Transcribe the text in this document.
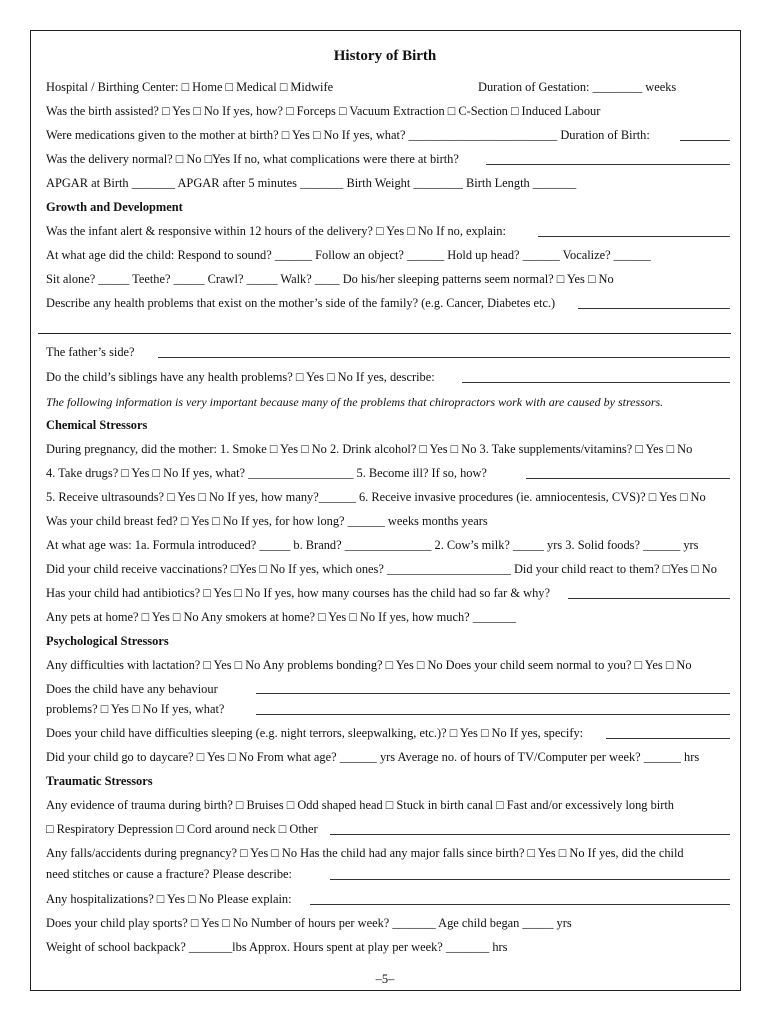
History of Birth
Hospital / Birthing Center: □ Home □ Medical □ Midwife	Duration of Gestation: ________ weeks
Was the birth assisted? □ Yes □ No If yes, how? □ Forceps □ Vacuum Extraction □ C-Section □ Induced Labour
Were medications given to the mother at birth? □ Yes □ No If yes, what? ________________________ Duration of Birth:
Was the delivery normal? □ No □Yes If no, what complications were there at birth?
APGAR at Birth _______ APGAR after 5 minutes _______ Birth Weight ________ Birth Length _______
Growth and Development
Was the infant alert & responsive within 12 hours of the delivery? □ Yes □ No If no, explain:
At what age did the child: Respond to sound? ______ Follow an object? ______ Hold up head? ______ Vocalize? ______
Sit alone? _____ Teethe? _____ Crawl? _____ Walk? ____ Do his/her sleeping patterns seem normal? □ Yes □ No
Describe any health problems that exist on the mother’s side of the family? (e.g. Cancer, Diabetes etc.)
The father’s side?
Do the child’s siblings have any health problems? □ Yes □ No If yes, describe:
The following information is very important because many of the problems that chiropractors work with are caused by stressors.
Chemical Stressors
During pregnancy, did the mother: 1. Smoke □ Yes □ No 2. Drink alcohol? □ Yes □ No 3. Take supplements/vitamins? □ Yes □ No
4. Take drugs? □ Yes □ No If yes, what? _________________ 5. Become ill? If so, how?
5. Receive ultrasounds? □ Yes □ No If yes, how many?______ 6. Receive invasive procedures (ie. amniocentesis, CVS)? □ Yes □ No
Was your child breast fed? □ Yes □ No If yes, for how long? ______ weeks months years
At what age was: 1a. Formula introduced? _____ b. Brand? ______________ 2. Cow’s milk? _____ yrs 3. Solid foods? ______ yrs
Did your child receive vaccinations? □Yes □ No If yes, which ones? ____________________ Did your child react to them? □Yes □ No
Has your child had antibiotics? □ Yes □ No If yes, how many courses has the child had so far & why?
Any pets at home? □ Yes □ No Any smokers at home? □ Yes □ No If yes, how much? _______
Psychological Stressors
Any difficulties with lactation? □ Yes □ No Any problems bonding? □ Yes □ No Does your child seem normal to you? □ Yes □ No
Does the child have any behaviour
problems? □ Yes □ No If yes, what?
Does your child have difficulties sleeping (e.g. night terrors, sleepwalking, etc.)? □ Yes □ No If yes, specify:
Did your child go to daycare? □ Yes □ No From what age? ______ yrs Average no. of hours of TV/Computer per week? ______ hrs
Traumatic Stressors
Any evidence of trauma during birth? □ Bruises □ Odd shaped head □ Stuck in birth canal □ Fast and/or excessively long birth
□ Respiratory Depression □ Cord around neck □ Other
Any falls/accidents during pregnancy? □ Yes □ No Has the child had any major falls since birth? □ Yes □ No If yes, did the child
need stitches or cause a fracture? Please describe:
Any hospitalizations? □ Yes □ No Please explain:
Does your child play sports? □ Yes □ No Number of hours per week? _______ Age child began _____ yrs
Weight of school backpack? _______lbs Approx. Hours spent at play per week? _______ hrs
–5–
